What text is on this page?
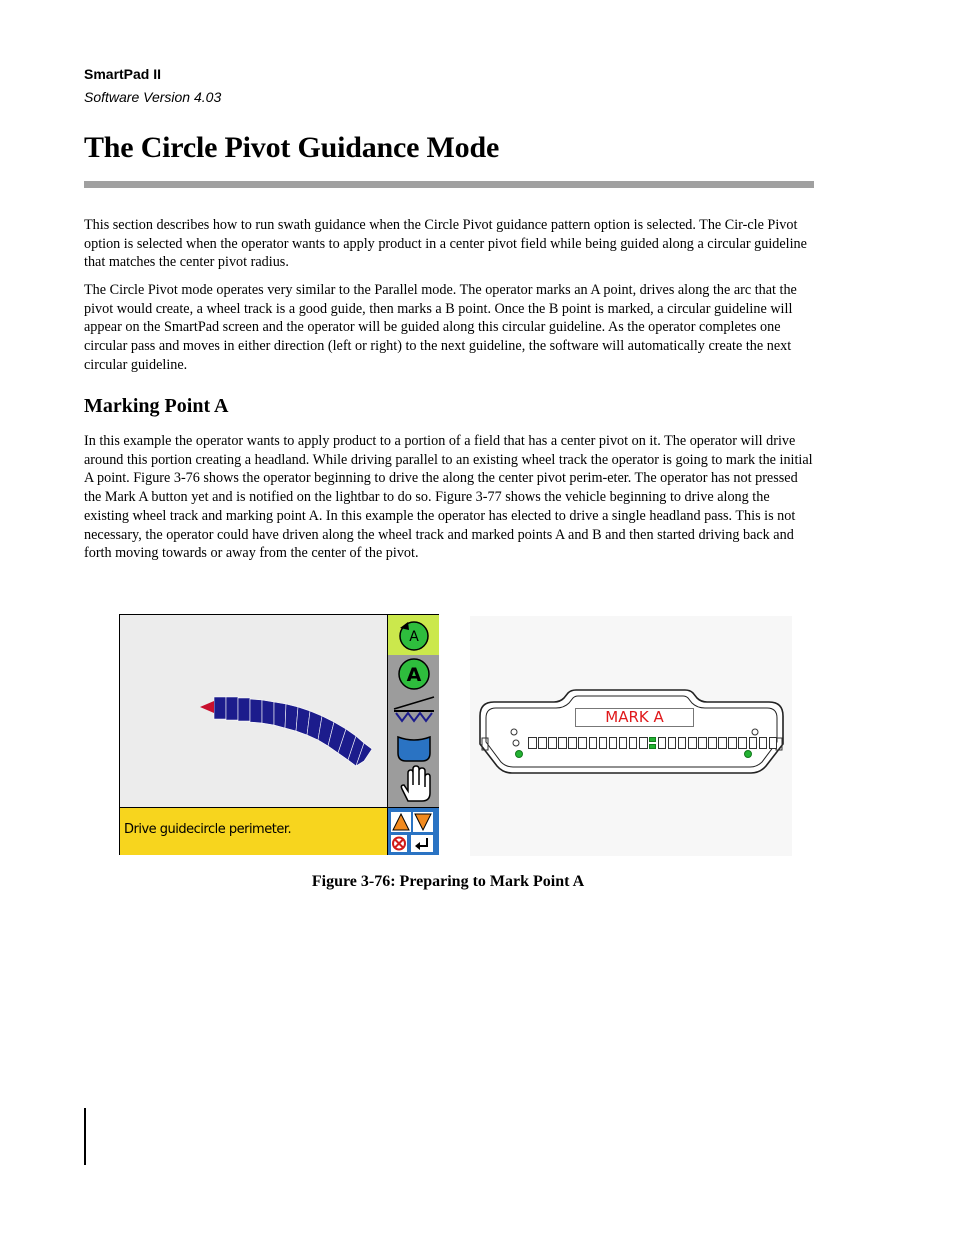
SmartPad II
Software Version 4.03
The Circle Pivot Guidance Mode

This section describes how to run swath guidance when the Circle Pivot guidance pattern option is selected. The Cir-cle Pivot option is selected when the operator wants to apply product in a center pivot field while being guided along a circular guideline that matches the center pivot radius.

The Circle Pivot mode operates very similar to the Parallel mode. The operator marks an A point, drives along the arc that the pivot would create, a wheel track is a good guide, then marks a B point. Once the B point is marked, a circular guideline will appear on the SmartPad screen and the operator will be guided along this circular guideline. As the operator completes one circular pass and moves in either direction (left or right) to the next guideline, the software will automatically create the next circular guideline.

Marking Point A

In this example the operator wants to apply product to a portion of a field that has a center pivot on it. The operator will drive around this portion creating a headland. While driving parallel to an existing wheel track the operator is going to mark the initial A point. Figure 3-76 shows the operator beginning to drive the along the center pivot perim-eter. The operator has not pressed the Mark A button yet and is notified on the lightbar to do so. Figure 3-77 shows the vehicle beginning to drive along the existing wheel track and marking point A. In this example the operator has elected to drive a single headland pass. This is not necessary, the operator could have driven along the wheel track and marked points A and B and then started driving back and forth moving towards or away from the center of the pivot.

A
A
Drive guidecircle perimeter.
MARK A
Figure 3-76: Preparing to Mark Point A
